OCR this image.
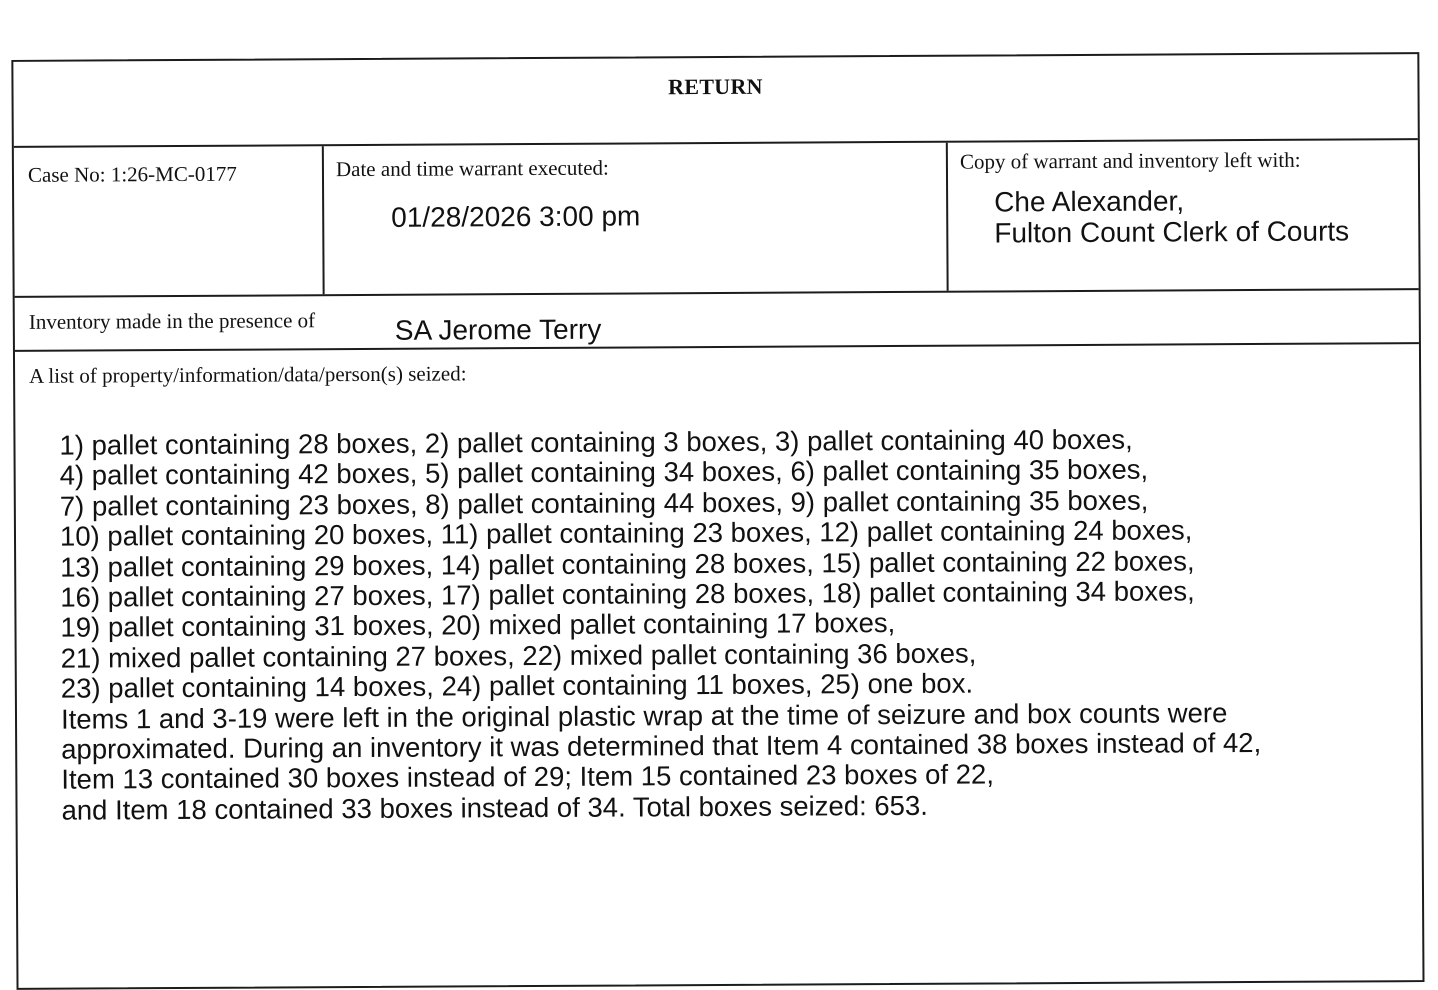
RETURN
Case No: 1:26-MC-0177	Date and time warrant executed:
01/28/2026 3:00 pm
Copy of warrant and inventory left with:
Che Alexander,
Fulton Count Clerk of Courts
Inventory made in the presence of	SA Jerome Terry
A list of property/information/data/person(s) seized:
1) pallet containing 28 boxes, 2) pallet containing 3 boxes, 3) pallet containing 40 boxes,
4) pallet containing 42 boxes, 5) pallet containing 34 boxes, 6) pallet containing 35 boxes,
7) pallet containing 23 boxes, 8) pallet containing 44 boxes, 9) pallet containing 35 boxes,
10) pallet containing 20 boxes, 11) pallet containing 23 boxes, 12) pallet containing 24 boxes,
13) pallet containing 29 boxes, 14) pallet containing 28 boxes, 15) pallet containing 22 boxes,
16) pallet containing 27 boxes, 17) pallet containing 28 boxes, 18) pallet containing 34 boxes,
19) pallet containing 31 boxes, 20) mixed pallet containing 17 boxes,
21) mixed pallet containing 27 boxes, 22) mixed pallet containing 36 boxes,
23) pallet containing 14 boxes, 24) pallet containing 11 boxes, 25) one box.
Items 1 and 3-19 were left in the original plastic wrap at the time of seizure and box counts were
approximated. During an inventory it was determined that Item 4 contained 38 boxes instead of 42,
Item 13 contained 30 boxes instead of 29; Item 15 contained 23 boxes of 22,
and Item 18 contained 33 boxes instead of 34. Total boxes seized: 653.
